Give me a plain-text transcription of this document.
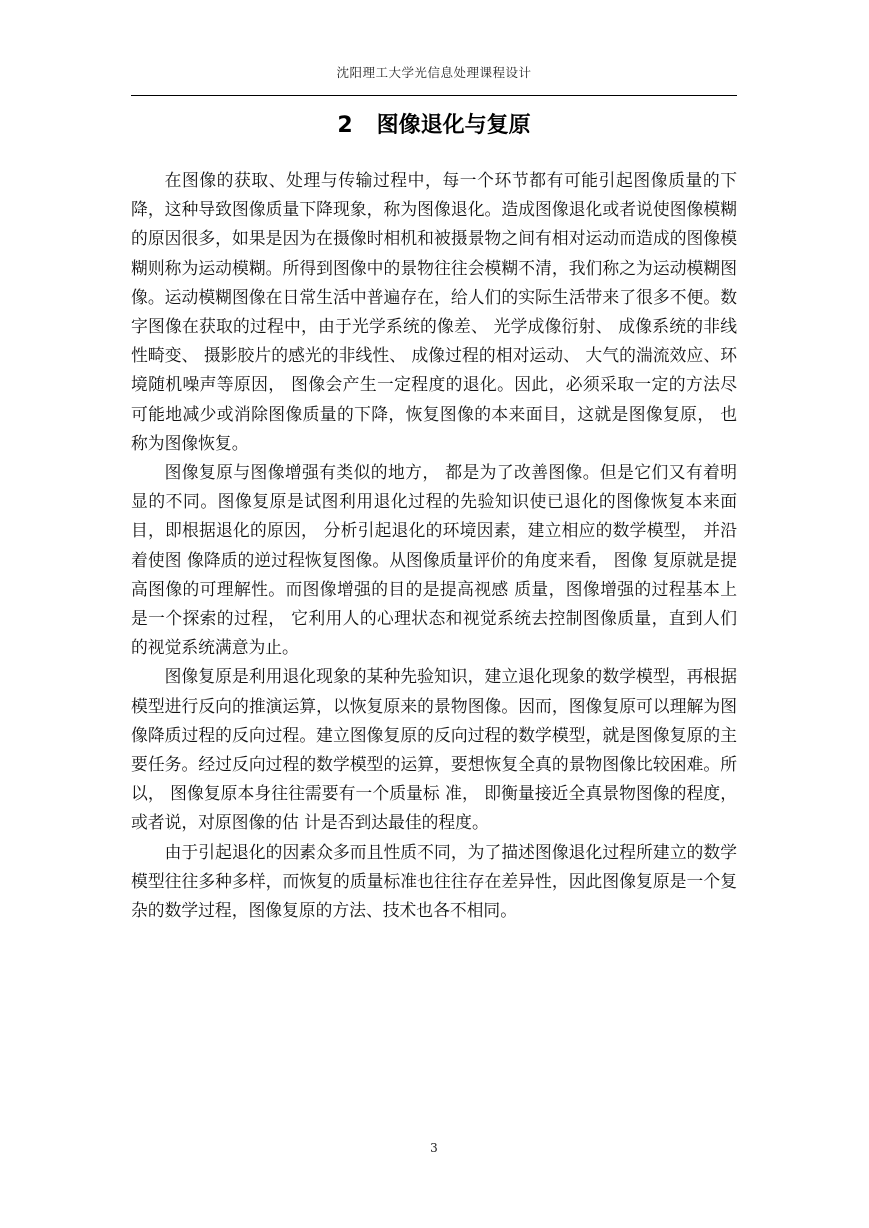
沈阳理工大学光信息处理课程设计
2 图像退化与复原

在图像的获取、处理与传输过程中，每一个环节都有可能引起图像质量的下降，这种导致图像质量下降现象，称为图像退化。造成图像退化或者说使图像模糊的原因很多，如果是因为在摄像时相机和被摄景物之间有相对运动而造成的图像模糊则称为运动模糊。所得到图像中的景物往往会模糊不清，我们称之为运动模糊图像。运动模糊图像在日常生活中普遍存在，给人们的实际生活带来了很多不便。数字图像在获取的过程中，由于光学系统的像差、 光学成像衍射、 成像系统的非线性畸变、 摄影胶片的感光的非线性、 成像过程的相对运动、 大气的湍流效应、环境随机噪声等原因， 图像会产生一定程度的退化。因此，必须采取一定的方法尽可能地减少或消除图像质量的下降，恢复图像的本来面目，这就是图像复原， 也称为图像恢复。

图像复原与图像增强有类似的地方， 都是为了改善图像。但是它们又有着明显的不同。图像复原是试图利用退化过程的先验知识使已退化的图像恢复本来面目，即根据退化的原因， 分析引起退化的环境因素，建立相应的数学模型， 并沿着使图 像降质的逆过程恢复图像。从图像质量评价的角度来看， 图像 复原就是提高图像的可理解性。而图像增强的目的是提高视感 质量，图像增强的过程基本上是一个探索的过程， 它利用人的心理状态和视觉系统去控制图像质量，直到人们的视觉系统满意为止。

图像复原是利用退化现象的某种先验知识，建立退化现象的数学模型，再根据模型进行反向的推演运算，以恢复原来的景物图像。因而，图像复原可以理解为图像降质过程的反向过程。建立图像复原的反向过程的数学模型，就是图像复原的主 要任务。经过反向过程的数学模型的运算，要想恢复全真的景物图像比较困难。所以， 图像复原本身往往需要有一个质量标 准， 即衡量接近全真景物图像的程度，或者说，对原图像的估 计是否到达最佳的程度。

由于引起退化的因素众多而且性质不同，为了描述图像退化过程所建立的数学模型往往多种多样，而恢复的质量标准也往往存在差异性，因此图像复原是一个复杂的数学过程，图像复原的方法、技术也各不相同。

3
